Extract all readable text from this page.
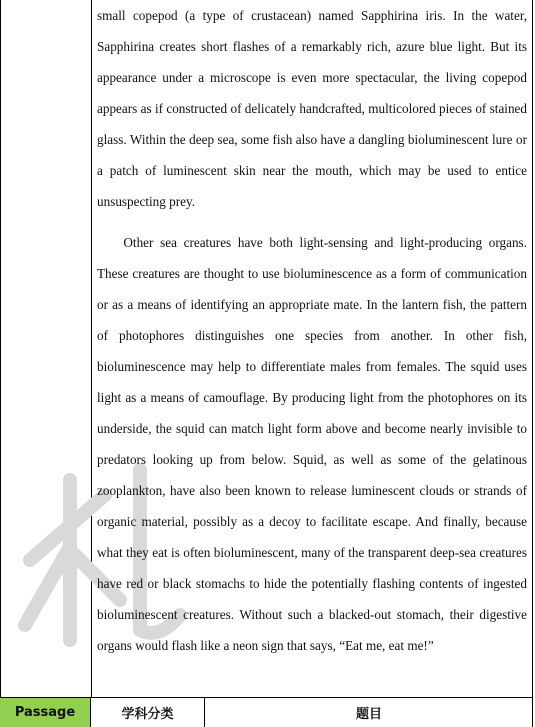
small copepod (a type of crustacean) named Sapphirina iris. In the water, Sapphirina creates short flashes of a remarkably rich, azure blue light. But its appearance under a microscope is even more spectacular, the living copepod appears as if constructed of delicately handcrafted, multicolored pieces of stained glass. Within the deep sea, some fish also have a dangling bioluminescent lure or a patch of luminescent skin near the mouth, which may be used to entice unsuspecting prey.

Other sea creatures have both light-sensing and light-producing organs. These creatures are thought to use bioluminescence as a form of communication or as a means of identifying an appropriate mate. In the lantern fish, the pattern of photophores distinguishes one species from another. In other fish, bioluminescence may help to differentiate males from females. The squid uses light as a means of camouflage. By producing light from the photophores on its underside, the squid can match light form above and become nearly invisible to predators looking up from below. Squid, as well as some of the gelatinous zooplankton, have also been known to release luminescent clouds or strands of organic material, possibly as a decoy to facilitate escape. And finally, because what they eat is often bioluminescent, many of the transparent deep-sea creatures have red or black stomachs to hide the potentially flashing contents of ingested bioluminescent creatures. Without such a blacked-out stomach, their digestive organs would flash like a neon sign that says, “Eat me, eat me!”

Passage	学科分类	题目
